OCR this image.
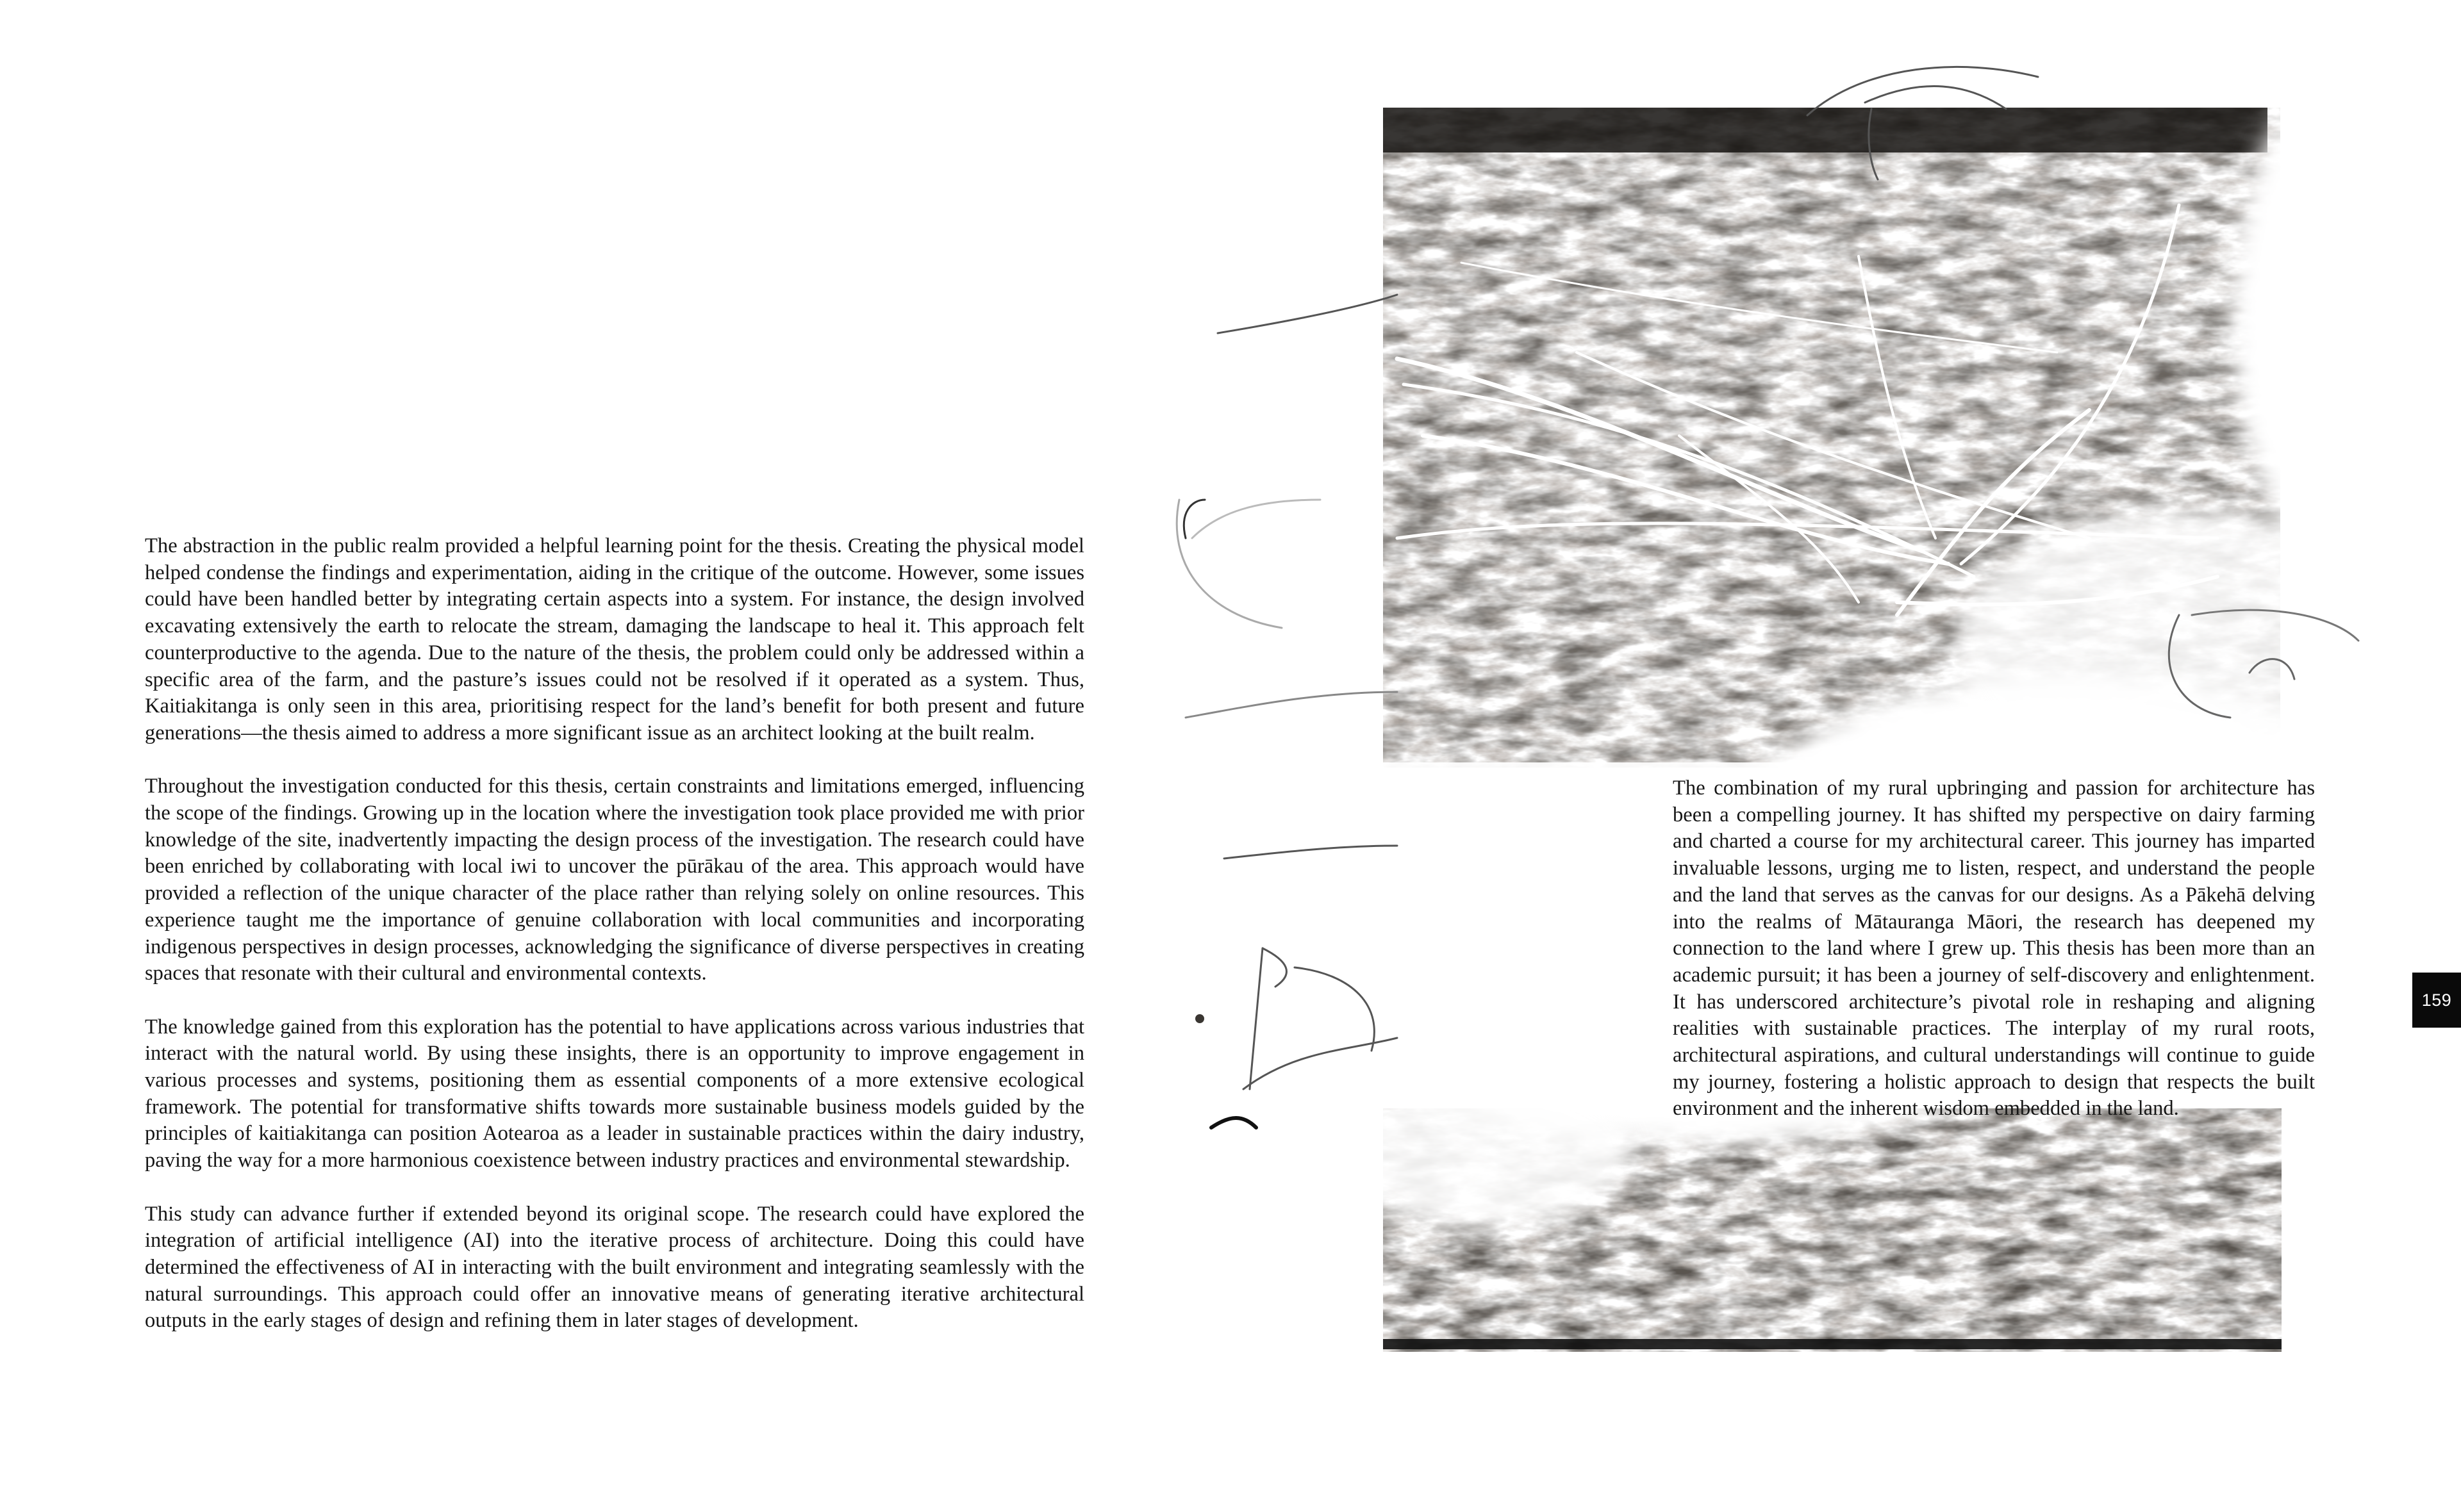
The abstraction in the public realm provided a helpful learning point for the thesis. Creating the physical model helped condense the findings and experimentation, aiding in the critique of the outcome. However, some issues could have been handled better by integrating certain aspects into a system. For instance, the design involved excavating extensively the earth to relocate the stream, damaging the landscape to heal it. This approach felt counterproductive to the agenda. Due to the nature of the thesis, the problem could only be addressed within a specific area of the farm, and the pasture’s issues could not be resolved if it operated as a system. Thus, Kaitiakitanga is only seen in this area, prioritising respect for the land’s benefit for both present and future generations—the thesis aimed to address a more significant issue as an architect looking at the built realm.

Throughout the investigation conducted for this thesis, certain constraints and limitations emerged, influencing the scope of the findings. Growing up in the location where the investigation took place provided me with prior knowledge of the site, inadvertently impacting the design process of the investigation. The research could have been enriched by collaborating with local iwi to uncover the pūrākau of the area. This approach would have provided a reflection of the unique character of the place rather than relying solely on online resources. This experience taught me the importance of genuine collaboration with local communities and incorporating indigenous perspectives in design processes, acknowledging the significance of diverse perspectives in creating spaces that resonate with their cultural and environmental contexts.

The knowledge gained from this exploration has the potential to have applications across various industries that interact with the natural world. By using these insights, there is an opportunity to improve engagement in various processes and systems, positioning them as essential components of a more extensive ecological framework. The potential for transformative shifts towards more sustainable business models guided by the principles of kaitiakitanga can position Aotearoa as a leader in sustainable practices within the dairy industry, paving the way for a more harmonious coexistence between industry practices and environmental stewardship.

This study can advance further if extended beyond its original scope. The research could have explored the integration of artificial intelligence (AI) into the iterative process of architecture. Doing this could have determined the effectiveness of AI in interacting with the built environment and integrating seamlessly with the natural surroundings. This approach could offer an innovative means of generating iterative architectural outputs in the early stages of design and refining them in later stages of development.

The combination of my rural upbringing and passion for architecture has been a compelling journey. It has shifted my perspective on dairy farming and charted a course for my architectural career. This journey has imparted invaluable lessons, urging me to listen, respect, and understand the people and the land that serves as the canvas for our designs. As a Pākehā delving into the realms of Mātauranga Māori, the research has deepened my connection to the land where I grew up. This thesis has been more than an academic pursuit; it has been a journey of self-discovery and enlightenment. It has underscored architecture’s pivotal role in reshaping and aligning realities with sustainable practices. The interplay of my rural roots, architectural aspirations, and cultural understandings will continue to guide my journey, fostering a holistic approach to design that respects the built environment and the inherent wisdom embedded in the land.

159
